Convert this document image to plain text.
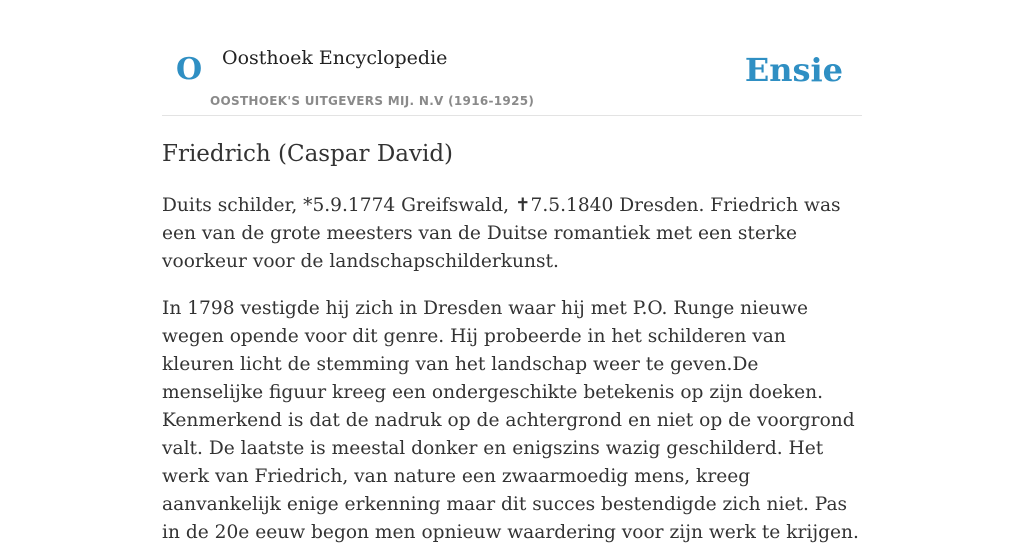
O Oosthoek Encyclopedie
OOSTHOEK'S UITGEVERS MIJ. N.V (1916-1925)
Ensie
Friedrich (Caspar David)

Duits schilder, *5.9.1774 Greifswald, ✝7.5.1840 Dresden. Friedrich was een van de grote meesters van de Duitse romantiek met een sterke voorkeur voor de landschapschilderkunst.

In 1798 vestigde hij zich in Dresden waar hij met P.O. Runge nieuwe wegen opende voor dit genre. Hij probeerde in het schilderen van kleuren licht de stemming van het landschap weer te geven.De menselijke figuur kreeg een ondergeschikte betekenis op zijn doeken. Kenmerkend is dat de nadruk op de achtergrond en niet op de voorgrond valt. De laatste is meestal donker en enigszins wazig geschilderd. Het werk van Friedrich, van nature een zwaarmoedig mens, kreeg aanvankelijk enige erkenning maar dit succes bestendigde zich niet. Pas in de 20e eeuw begon men opnieuw waardering voor zijn werk te krijgen.
